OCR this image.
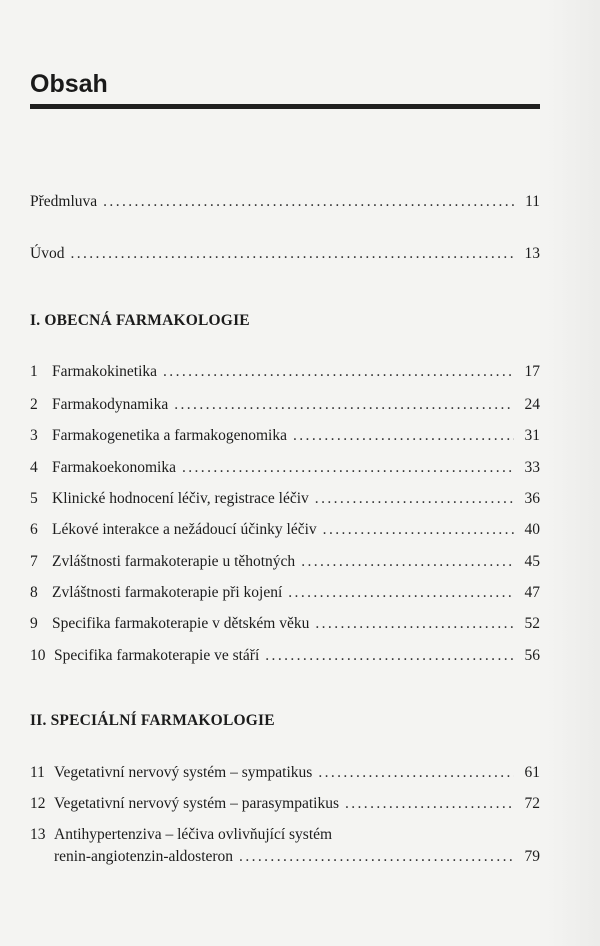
Obsah
Předmluva .....	11
Úvod .....	13
I. OBECNÁ FARMAKOLOGIE
1 Farmakokinetika .....	17
2 Farmakodynamika .....	24
3 Farmakogenetika a farmakogenomika .....	31
4 Farmakoekonomika .....	33
5 Klinické hodnocení léčiv, registrace léčiv .....	36
6 Lékové interakce a nežádoucí účinky léčiv .....	40
7 Zvláštnosti farmakoterapie u těhotných .....	45
8 Zvláštnosti farmakoterapie při kojení .....	47
9 Specifika farmakoterapie v dětském věku .....	52
10 Specifika farmakoterapie ve stáří .....	56
II. SPECIÁLNÍ FARMAKOLOGIE
11 Vegetativní nervový systém – sympatikus .....	61
12 Vegetativní nervový systém – parasympatikus .....	72
13 Antihypertenziva – léčiva ovlivňující systém
renin-angiotenzin-aldosteron .....	79
